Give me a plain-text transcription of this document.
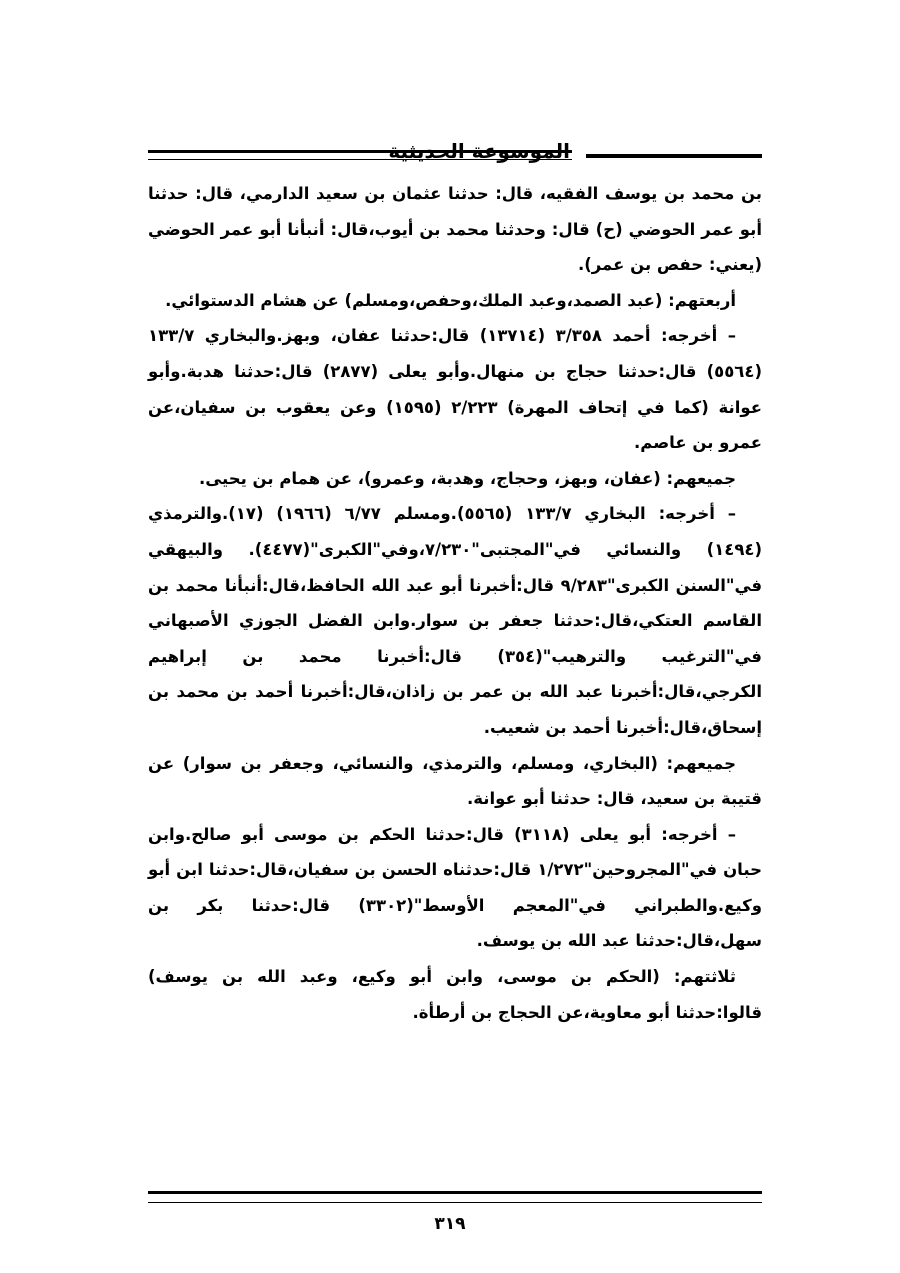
الموسوعة الحديثية

بن محمد بن يوسف الفقيه، قال: حدثنا عثمان بن سعيد الدارمي، قال: حدثنا أبو عمر الحوضي (ح) قال: وحدثنا محمد بن أيوب،قال: أنبأنا أبو عمر الحوضي (يعني: حفص بن عمر).

أربعتهم: (عبد الصمد،وعبد الملك،وحفص،ومسلم) عن هشام الدستوائي.

– أخرجه: أحمد ٣/٣٥٨ (١٣٧١٤) قال:حدثنا عفان، وبهز.والبخاري ١٣٣/٧ (٥٥٦٤) قال:حدثنا حجاج بن منهال.وأبو يعلى (٢٨٧٧) قال:حدثنا هدبة.وأبو عوانة (كما في إتحاف المهرة) ٢/٢٢٣ (١٥٩٥) وعن يعقوب بن سفيان،عن عمرو بن عاصم.

جميعهم: (عفان، وبهز، وحجاج، وهدبة، وعمرو)، عن همام بن يحيى.

– أخرجه: البخاري ١٣٣/٧ (٥٥٦٥).ومسلم ٦/٧٧ (١٩٦٦) (١٧).والترمذي (١٤٩٤) والنسائي في"المجتبى"٧/٢٣٠،وفي"الكبرى"(٤٤٧٧). والبيهقي في"السنن الكبرى"٩/٢٨٣ قال:أخبرنا أبو عبد الله الحافظ،قال:أنبأنا محمد بن القاسم العتكي،قال:حدثنا جعفر بن سوار.وابن الفضل الجوزي الأصبهاني في"الترغيب والترهيب"(٣٥٤) قال:أخبرنا محمد بن إبراهيم الكرجي،قال:أخبرنا عبد الله بن عمر بن زاذان،قال:أخبرنا أحمد بن محمد بن إسحاق،قال:أخبرنا أحمد بن شعيب.

جميعهم: (البخاري، ومسلم، والترمذي، والنسائي، وجعفر بن سوار) عن قتيبة بن سعيد، قال: حدثنا أبو عوانة.

– أخرجه: أبو يعلى (٣١١٨) قال:حدثنا الحكم بن موسى أبو صالح.وابن حبان في"المجروحين"١/٢٧٢ قال:حدثناه الحسن بن سفيان،قال:حدثنا ابن أبو وكيع.والطبراني في"المعجم الأوسط"(٣٣٠٢) قال:حدثنا بكر بن سهل،قال:حدثنا عبد الله بن يوسف.

ثلاثتهم: (الحكم بن موسى، وابن أبو وكيع، وعبد الله بن يوسف) قالوا:حدثنا أبو معاوية،عن الحجاج بن أرطأة.

٣١٩
